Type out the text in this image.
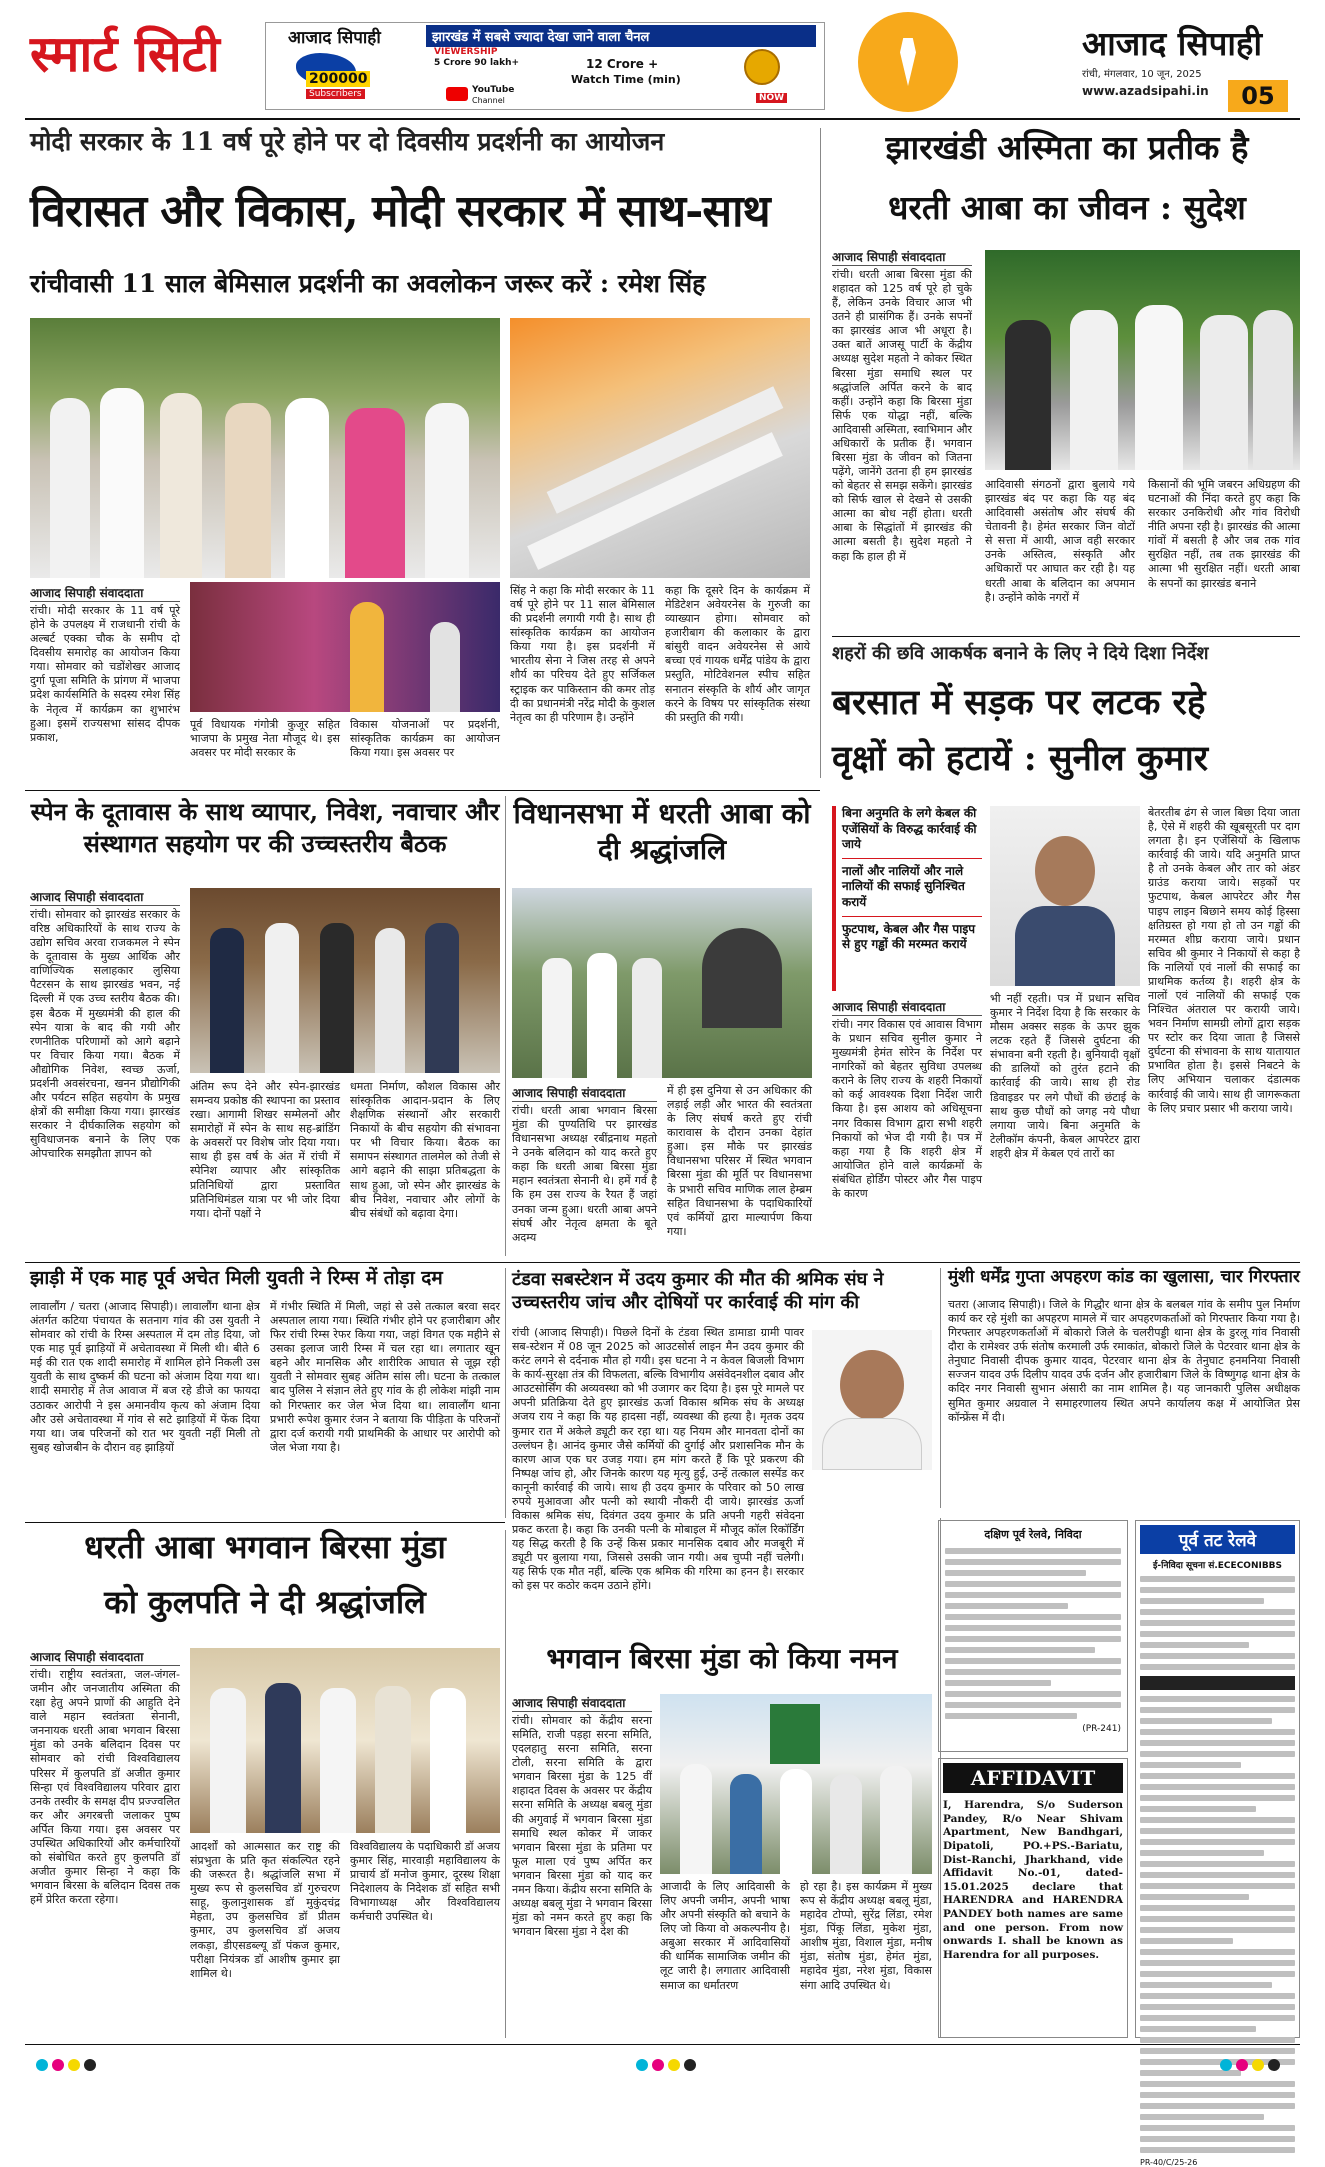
स्मार्ट सिटी	आजाद सिपाही	झारखंड में सबसे ज्यादा देखा जाने वाला चैनल
200000
Subscribers
VIEWERSHIP
5 Crore 90 lakh+	12 Crore +
Watch Time (min)
YouTube
Channel	NOW
आजाद सिपाही
रांची, मंगलवार, 10 जून, 2025
www.azadsipahi.in	05
मोदी सरकार के 11 वर्ष पूरे होने पर दो दिवसीय प्रदर्शनी का आयोजन
विरासत और विकास, मोदी सरकार में साथ-साथ
रांचीवासी 11 साल बेमिसाल प्रदर्शनी का अवलोकन जरूर करें : रमेश सिंह
आजाद सिपाही संवाददाता
रांची। मोदी सरकार के 11 वर्ष पूरे होने के उपलक्ष्य में राजधानी रांची के अल्बर्ट एक्का चौक के समीप दो दिवसीय समारोह का आयोजन किया गया। सोमवार को चडोंशेखर आजाद दुर्गा पूजा समिति के प्रांगण में भाजपा प्रदेश कार्यसमिति के सदस्य रमेश सिंह के नेतृत्व में कार्यक्रम का शुभारंभ हुआ। इसमें राज्यसभा सांसद दीपक प्रकाश,
पूर्व विधायक गंगोत्री कुजूर सहित भाजपा के प्रमुख नेता मौजूद थे। इस अवसर पर मोदी सरकार के
विकास योजनाओं पर प्रदर्शनी, सांस्कृतिक कार्यक्रम का आयोजन किया गया। इस अवसर पर
सिंह ने कहा कि मोदी सरकार के 11 वर्ष पूरे होने पर 11 साल बेमिसाल की प्रदर्शनी लगायी गयी है। साथ ही सांस्कृतिक कार्यक्रम का आयोजन किया गया है। इस प्रदर्शनी में भारतीय सेना ने जिस तरह से अपने शौर्य का परिचय देते हुए सर्जिकल स्ट्राइक कर पाकिस्तान की कमर तोड़ दी का प्रधानमंत्री नरेंद्र मोदी के कुशल नेतृत्व का ही परिणाम है। उन्होंने
कहा कि दूसरे दिन के कार्यक्रम में मेडिटेशन अवेयरनेस के गुरुजी का व्याख्यान होगा। सोमवार को हजारीबाग की कलाकार के द्वारा बांसुरी वादन अवेयरनेस से आये बच्चा एवं गायक धर्मेंद्र पांडेय के द्वारा प्रस्तुति, मोटिवेशनल स्पीच सहित सनातन संस्कृति के शौर्य और जागृत करने के विषय पर सांस्कृतिक संस्था की प्रस्तुति की गयी।
झारखंडी अस्मिता का प्रतीक है
धरती आबा का जीवन : सुदेश
आजाद सिपाही संवाददाता
रांची। धरती आबा बिरसा मुंडा की शहादत को 125 वर्ष पूरे हो चुके हैं, लेकिन उनके विचार आज भी उतने ही प्रासंगिक हैं। उनके सपनों का झारखंड आज भी अधूरा है। उक्त बातें आजसू पार्टी के केंद्रीय अध्यक्ष सुदेश महतो ने कोकर स्थित बिरसा मुंडा समाधि स्थल पर श्रद्धांजलि अर्पित करने के बाद कहीं। उन्होंने कहा कि बिरसा मुंडा सिर्फ एक योद्धा नहीं, बल्कि आदिवासी अस्मिता, स्वाभिमान और अधिकारों के प्रतीक हैं। भगवान बिरसा मुंडा के जीवन को जितना पढ़ेंगे, जानेंगे उतना ही हम झारखंड को बेहतर से समझ सकेंगे। झारखंड को सिर्फ खाल से देखने से उसकी आत्मा का बोध नहीं होता। धरती आबा के सिद्धांतों में झारखंड की आत्मा बसती है। सुदेश महतो ने कहा कि हाल ही में
आदिवासी संगठनों द्वारा बुलाये गये झारखंड बंद पर कहा कि यह बंद आदिवासी असंतोष और संघर्ष की चेतावनी है। हेमंत सरकार जिन वोटों से सत्ता में आयी, आज वही सरकार उनके अस्तित्व, संस्कृति और अधिकारों पर आघात कर रही है। यह धरती आबा के बलिदान का अपमान है। उन्होंने कोके नगरों में
किसानों की भूमि जबरन अधिग्रहण की घटनाओं की निंदा करते हुए कहा कि सरकार उनकिरोधी और गांव विरोधी नीति अपना रही है। झारखंड की आत्मा गांवों में बसती है और जब तक गांव सुरक्षित नहीं, तब तक झारखंड की आत्मा भी सुरक्षित नहीं। धरती आबा के सपनों का झारखंड बनाने
शहरों की छवि आकर्षक बनाने के लिए ने दिये दिशा निर्देश
बरसात में सड़क पर लटक रहे
वृक्षों को हटायें : सुनील कुमार
बिना अनुमति के लगे केबल की एजेंसियों के विरुद्ध कार्रवाई की जाये
नालों और नालियों और नाले नालियों की सफाई सुनिश्चित करायें
फुटपाथ, केबल और गैस पाइप से हुए गड्ढों की मरम्मत करायें
आजाद सिपाही संवाददाता
रांची। नगर विकास एवं आवास विभाग के प्रधान सचिव सुनील कुमार ने मुख्यमंत्री हेमंत सोरेन के निर्देश पर नागरिकों को बेहतर सुविधा उपलब्ध कराने के लिए राज्य के शहरी निकायों को कई आवश्यक दिशा निर्देश जारी किया है। इस आशय को अधिसूचना नगर विकास विभाग द्वारा सभी शहरी निकायों को भेज दी गयी है। पत्र में कहा गया है कि शहरी क्षेत्र में आयोजित होने वाले कार्यक्रमों के संबंधित होर्डिंग पोस्टर और गैस पाइप के कारण
भी नहीं रहती। पत्र में प्रधान सचिव कुमार ने निर्देश दिया है कि सरकार के मौसम अक्सर सड़क के ऊपर झुक लटक रहते हैं जिससे दुर्घटना की संभावना बनी रहती है। बुनियादी वृक्षों की डालियों को तुरंत हटाने की कार्रवाई की जाये। साथ ही रोड डिवाइडर पर लगे पौधों की छंटाई के साथ कुछ पौधों को जगह नये पौधा लगाया जाये। बिना अनुमति के टेलीकॉम कंपनी, केबल आपरेटर द्वारा शहरी क्षेत्र में केबल एवं तारों का
बेतरतीब ढंग से जाल बिछा दिया जाता है, ऐसे में शहरी की खूबसूरती पर दाग लगता है। इन एजेंसियों के खिलाफ कार्रवाई की जाये। यदि अनुमति प्राप्त है तो उनके केबल और तार को अंडर ग्राउंड कराया जाये। सड़कों पर फुटपाथ, केबल आपरेटर और गैस पाइप लाइन बिछाने समय कोई हिस्सा क्षतिग्रस्त हो गया हो तो उन गड्ढों की मरम्मत शीघ्र कराया जाये। प्रधान सचिव श्री कुमार ने निकायों से कहा है कि नालियों एवं नालों की सफाई का प्राथमिक कर्तव्य है। शहरी क्षेत्र के नालों एवं नालियों की सफाई एक निश्चित अंतराल पर करायी जाये। भवन निर्माण सामग्री लोगों द्वारा सड़क पर स्टोर कर दिया जाता है जिससे दुर्घटना की संभावना के साथ यातायात प्रभावित होता है। इससे निबटने के लिए अभियान चलाकर दंडात्मक कार्रवाई की जाये। साथ ही जागरूकता के लिए प्रचार प्रसार भी कराया जाये।
स्पेन के दूतावास के साथ व्यापार, निवेश, नवाचार और संस्थागत सहयोग पर की उच्चस्तरीय बैठक
आजाद सिपाही संवाददाता
रांची। सोमवार को झारखंड सरकार के वरिष्ठ अधिकारियों के साथ राज्य के उद्योग सचिव अरवा राजकमल ने स्पेन के दूतावास के मुख्य आर्थिक और वाणिज्यिक सलाहकार लुसिया पैटरसन के साथ झारखंड भवन, नई दिल्ली में एक उच्च स्तरीय बैठक की। इस बैठक में मुख्यमंत्री की हाल की स्पेन यात्रा के बाद की गयी और रणनीतिक परिणामों को आगे बढ़ाने पर विचार किया गया। बैठक में औद्योगिक निवेश, स्वच्छ ऊर्जा, प्रदर्शनी अवसंरचना, खनन प्रौद्योगिकी और पर्यटन सहित सहयोग के प्रमुख क्षेत्रों की समीक्षा किया गया। झारखंड सरकार ने दीर्घकालिक सहयोग को सुविधाजनक बनाने के लिए एक ओपचारिक समझौता ज्ञापन को
अंतिम रूप देने और स्पेन-झारखंड समन्वय प्रकोष्ठ की स्थापना का प्रस्ताव रखा। आगामी शिखर सम्मेलनों और समारोहों में स्पेन के साथ सह-ब्रांडिंग के अवसरों पर विशेष जोर दिया गया। साथ ही इस वर्ष के अंत में रांची में स्पेनिश व्यापार और सांस्कृतिक प्रतिनिधियों द्वारा प्रस्तावित प्रतिनिधिमंडल यात्रा पर भी जोर दिया गया। दोनों पक्षों ने
धमता निर्माण, कौशल विकास और सांस्कृतिक आदान-प्रदान के लिए शैक्षणिक संस्थानों और सरकारी निकायों के बीच सहयोग की संभावना पर भी विचार किया। बैठक का समापन संस्थागत तालमेल को तेजी से आगे बढ़ाने की साझा प्रतिबद्धता के साथ हुआ, जो स्पेन और झारखंड के बीच निवेश, नवाचार और लोगों के बीच संबंधों को बढ़ावा देगा।
विधानसभा में धरती आबा को दी श्रद्धांजलि
आजाद सिपाही संवाददाता
रांची। धरती आबा भगवान बिरसा मुंडा की पुण्यतिथि पर झारखंड विधानसभा अध्यक्ष रबींद्रनाथ महतो ने उनके बलिदान को याद करते हुए कहा कि धरती आबा बिरसा मुंडा महान स्वतंत्रता सेनानी थे। हमें गर्व है कि हम उस राज्य के रैयत हैं जहां उनका जन्म हुआ। धरती आबा अपने संघर्ष और नेतृत्व क्षमता के बूते अदम्य
में ही इस दुनिया से उन अधिकार की लड़ाई लड़ी और भारत की स्वतंत्रता के लिए संघर्ष करते हुए रांची कारावास के दौरान उनका देहांत हुआ। इस मौके पर झारखंड विधानसभा परिसर में स्थित भगवान बिरसा मुंडा की मूर्ति पर विधानसभा के प्रभारी सचिव माणिक लाल हेम्ब्रम सहित विधानसभा के पदाधिकारियों एवं कर्मियों द्वारा माल्यार्पण किया गया।
झाड़ी में एक माह पूर्व अचेत मिली युवती ने रिम्स में तोड़ा दम
लावालौंग / चतरा (आजाद सिपाही)। लावालौंग थाना क्षेत्र अंतर्गत कटिया पंचायत के सतनाग गांव की उस युवती ने सोमवार को रांची के रिम्स अस्पताल में दम तोड़ दिया, जो एक माह पूर्व झाड़ियों में अचेतावस्था में मिली थी। बीते 6 मई की रात एक शादी समारोह में शामिल होने निकली उस युवती के साथ दुष्कर्म की घटना को अंजाम दिया गया था। शादी समारोह में तेज आवाज में बज रहे डीजे का फायदा उठाकर आरोपी ने इस अमानवीय कृत्य को अंजाम दिया और उसे अचेतावस्था में गांव से सटे झाड़ियों में फेंक दिया गया था। जब परिजनों को रात भर युवती नहीं मिली तो सुबह खोजबीन के दौरान वह झाड़ियों
में गंभीर स्थिति में मिली, जहां से उसे तत्काल बरवा सदर अस्पताल लाया गया। स्थिति गंभीर होने पर हजारीबाग और फिर रांची रिम्स रेफर किया गया, जहां विगत एक महीने से उसका इलाज जारी रिम्स में चल रहा था। लगातार खून बहने और मानसिक और शारीरिक आघात से जूझ रही युवती ने सोमवार सुबह अंतिम सांस ली। घटना के तत्काल बाद पुलिस ने संज्ञान लेते हुए गांव के ही लोकेश मांझी नाम को गिरफ्तार कर जेल भेज दिया था। लावालौंग थाना प्रभारी रूपेश कुमार रंजन ने बताया कि पीड़िता के परिजनों द्वारा दर्ज करायी गयी प्राथमिकी के आधार पर आरोपी को जेल भेजा गया है।
टंडवा सबस्टेशन में उदय कुमार की मौत की श्रमिक संघ ने उच्चस्तरीय जांच और दोषियों पर कार्रवाई की मांग की
रांची (आजाद सिपाही)। पिछले दिनों के टंडवा स्थित डामाडा ग्रामी पावर सब-स्टेशन में 08 जून 2025 को आउटसोर्स लाइन मैन उदय कुमार की करंट लगने से दर्दनाक मौत हो गयी। इस घटना ने न केवल बिजली विभाग के कार्य-सुरक्षा तंत्र की विफलता, बल्कि विभागीय असंवेदनशील दबाव और आउटसोर्सिंग की अव्यवस्था को भी उजागर कर दिया है। इस पूरे मामले पर अपनी प्रतिक्रिया देते हुए झारखंड ऊर्जा विकास श्रमिक संघ के अध्यक्ष अजय राय ने कहा कि यह हादसा नहीं, व्यवस्था की हत्या है। मृतक उदय कुमार रात में अकेले ड्यूटी कर रहा था। यह नियम और मानवता दोनों का उल्लंघन है। आनंद कुमार जैसे कर्मियों की दुर्गाई और प्रशासनिक मौन के कारण आज एक घर उजड़ गया। हम मांग करते हैं कि पूरे प्रकरण की निष्पक्ष जांच हो, और जिनके कारण यह मृत्यु हुई, उन्हें तत्काल सस्पेंड कर कानूनी कार्रवाई की जाये। साथ ही उदय कुमार के परिवार को 50 लाख रुपये मुआवजा और पत्नी को स्थायी नौकरी दी जाये। झारखंड ऊर्जा विकास श्रमिक संघ, दिवंगत उदय कुमार के प्रति अपनी गहरी संवेदना प्रकट करता है। कहा कि उनकी पत्नी के मोबाइल में मौजूद कॉल रिकॉर्डिंग यह सिद्ध करती है कि उन्हें किस प्रकार मानसिक दबाव और मजबूरी में ड्यूटी पर बुलाया गया, जिससे उसकी जान गयी। अब चुप्पी नहीं चलेगी। यह सिर्फ एक मौत नहीं, बल्कि एक श्रमिक की गरिमा का हनन है। सरकार को इस पर कठोर कदम उठाने होंगे।
मुंशी धर्मेंद्र गुप्ता अपहरण कांड का खुलासा, चार गिरफ्तार
चतरा (आजाद सिपाही)। जिले के गिद्धौर थाना क्षेत्र के बलबल गांव के समीप पुल निर्माण कार्य कर रहे मुंशी का अपहरण मामले में चार अपहरणकर्ताओं को गिरफ्तार किया गया है। गिरफ्तार अपहरणकर्ताओं में बोकारो जिले के चलरीपड्डी थाना क्षेत्र के डुरलू गांव निवासी दौरा के रामेश्वर उर्फ संतोष करमाली उर्फ रमाकांत, बोकारो जिले के पेटरवार थाना क्षेत्र के तेनुघाट निवासी दीपक कुमार यादव, पेटरवार थाना क्षेत्र के तेनुघाट हनमनिया निवासी सज्जन यादव उर्फ दिलीप यादव उर्फ दर्जन और हजारीबाग जिले के विष्णुगढ़ थाना क्षेत्र के कदिर नगर निवासी सुभान अंसारी का नाम शामिल है। यह जानकारी पुलिस अधीक्षक सुमित कुमार अग्रवाल ने समाहरणालय स्थित अपने कार्यालय कक्ष में आयोजित प्रेस कॉन्फ्रेंस में दी।
धरती आबा भगवान बिरसा मुंडा
को कुलपति ने दी श्रद्धांजलि
आजाद सिपाही संवाददाता
रांची। राष्ट्रीय स्वतंत्रता, जल-जंगल-जमीन और जनजातीय अस्मिता की रक्षा हेतु अपने प्राणों की आहुति देने वाले महान स्वतंत्रता सेनानी, जननायक धरती आबा भगवान बिरसा मुंडा को उनके बलिदान दिवस पर सोमवार को रांची विश्वविद्यालय परिसर में कुलपति डॉ अजीत कुमार सिन्हा एवं विश्वविद्यालय परिवार द्वारा उनके तस्वीर के समक्ष दीप प्रज्ज्वलित कर और अगरबत्ती जलाकर पुष्प अर्पित किया गया। इस अवसर पर उपस्थित अधिकारियों और कर्मचारियों को संबोधित करते हुए कुलपति डॉ अजीत कुमार सिन्हा ने कहा कि भगवान बिरसा के बलिदान दिवस तक हमें प्रेरित करता रहेगा।
आदर्शों को आत्मसात कर राष्ट्र की संप्रभुता के प्रति कृत संकल्पित रहने की जरूरत है। श्रद्धांजलि सभा में मुख्य रूप से कुलसचिव डॉ गुरुचरण साहू, कुलानुशासक डॉ मुकुंदचंद्र मेहता, उप कुलसचिव डॉ प्रीतम कुमार, उप कुलसचिव डॉ अजय लकड़ा, डीएसडब्ल्यू डॉ पंकज कुमार, परीक्षा नियंत्रक डॉ आशीष कुमार झा शामिल थे।
विश्वविद्यालय के पदाधिकारी डॉ अजय कुमार सिंह, मारवाड़ी महाविद्यालय के प्राचार्य डॉ मनोज कुमार, दूरस्थ शिक्षा निदेशालय के निदेशक डॉ सहित सभी विभागाध्यक्ष और विश्वविद्यालय कर्मचारी उपस्थित थे।
भगवान बिरसा मुंडा को किया नमन
आजाद सिपाही संवाददाता
रांची। सोमवार को केंद्रीय सरना समिति, राजी पड़हा सरना समिति, एदलहातु सरना समिति, सरना टोली, सरना समिति के द्वारा भगवान बिरसा मुंडा के 125 वीं शहादत दिवस के अवसर पर केंद्रीय सरना समिति के अध्यक्ष बबलू मुंडा की अगुवाई में भगवान बिरसा मुंडा समाधि स्थल कोकर में जाकर भगवान बिरसा मुंडा के प्रतिमा पर फूल माला एवं पुष्प अर्पित कर भगवान बिरसा मुंडा को याद कर नमन किया। केंद्रीय सरना समिति के अध्यक्ष बबलू मुंडा ने भगवान बिरसा मुंडा को नमन करते हुए कहा कि भगवान बिरसा मुंडा ने देश की
आजादी के लिए आदिवासी के लिए अपनी जमीन, अपनी भाषा और अपनी संस्कृति को बचाने के लिए जो किया वो अकल्पनीय है। अबुआ सरकार में आदिवासियों की धार्मिक सामाजिक जमीन की लूट जारी है। लगातार आदिवासी समाज का धर्मांतरण
हो रहा है। इस कार्यक्रम में मुख्य रूप से केंद्रीय अध्यक्ष बबलू मुंडा, महादेव टोप्पो, सुरेंद्र लिंडा, रमेश मुंडा, पिंकू लिंडा, मुकेश मुंडा, आशीष मुंडा, विशाल मुंडा, मनीष मुंडा, संतोष मुंडा, हेमंत मुंडा, महादेव मुंडा, नरेश मुंडा, विकास संगा आदि उपस्थित थे।
दक्षिण पूर्व रेलवे, निविदा
(PR-241)
AFFIDAVIT
I, Harendra, S/o Suderson Pandey, R/o Near Shivam Apartment, New Bandhgari, Dipatoli, PO.+PS.-Bariatu, Dist-Ranchi, Jharkhand, vide Affidavit No.-01, dated-15.01.2025 declare that HARENDRA and HARENDRA PANDEY both names are same and one person. From now onwards I. shall be known as Harendra for all purposes.
पूर्व तट रेलवे
ई-निविदा सूचना सं.ECECONIBBS
PR-40/C/25-26
